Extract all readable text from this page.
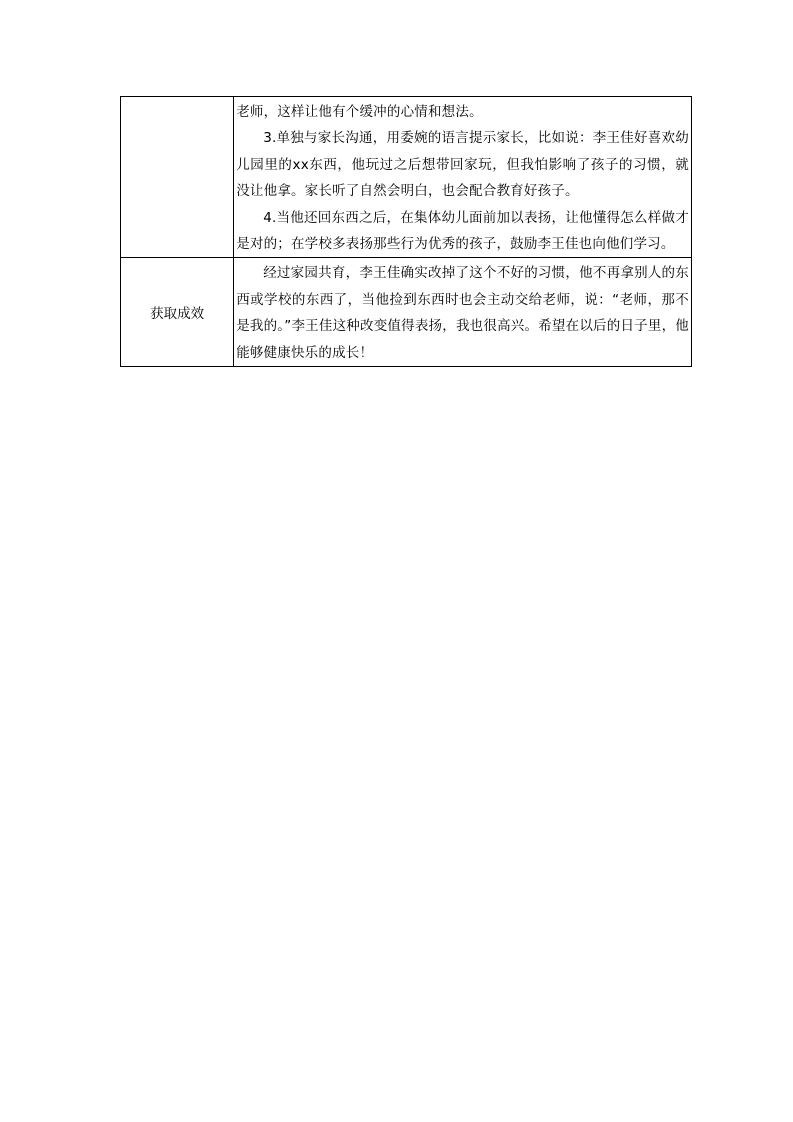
	老师，这样让他有个缓冲的心情和想法。

3.单独与家长沟通，用委婉的语言提示家长，比如说：李王佳好喜欢幼儿园里的xx东西，他玩过之后想带回家玩，但我怕影响了孩子的习惯，就没让他拿。家长听了自然会明白，也会配合教育好孩子。

4.当他还回东西之后，在集体幼儿面前加以表扬，让他懂得怎么样做才是对的；在学校多表扬那些行为优秀的孩子，鼓励李王佳也向他们学习。

获取成效	经过家园共育，李王佳确实改掉了这个不好的习惯，他不再拿别人的东西或学校的东西了，当他捡到东西时也会主动交给老师，说：“老师，那不是我的。”李王佳这种改变值得表扬，我也很高兴。希望在以后的日子里，他能够健康快乐的成长！
